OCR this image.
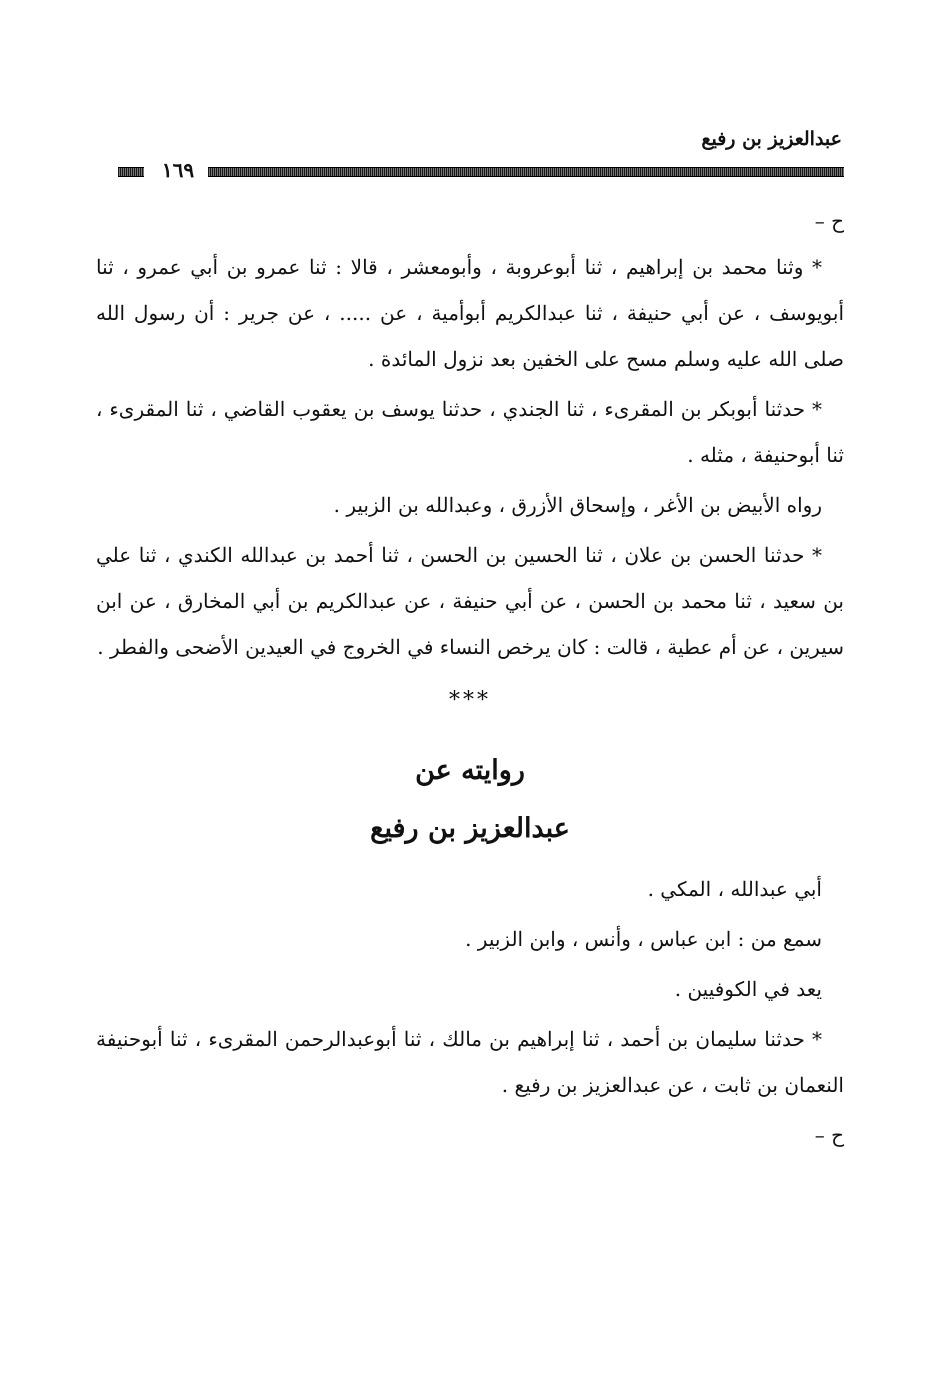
عبدالعزيز بن رفيع
١٦٩
ح –

* وثنا محمد بن إبراهيم ، ثنا أبوعروبة ، وأبومعشر ، قالا : ثنا عمرو بن أبي عمرو ، ثنا أبويوسف ، عن أبي حنيفة ، ثنا عبدالكريم أبوأمية ، عن ..... ، عن جرير : أن رسول الله صلى الله عليه وسلم مسح على الخفين بعد نزول المائدة .

* حدثنا أبوبكر بن المقرىء ، ثنا الجندي ، حدثنا يوسف بن يعقوب القاضي ، ثنا المقرىء ، ثنا أبوحنيفة ، مثله .

رواه الأبيض بن الأغر ، وإسحاق الأزرق ، وعبدالله بن الزبير .

* حدثنا الحسن بن علان ، ثنا الحسين بن الحسن ، ثنا أحمد بن عبدالله الكندي ، ثنا علي بن سعيد ، ثنا محمد بن الحسن ، عن أبي حنيفة ، عن عبدالكريم بن أبي المخارق ، عن ابن سيرين ، عن أم عطية ، قالت : كان يرخص النساء في الخروج في العيدين الأضحى والفطر .

***
روايته عن
عبدالعزيز بن رفيع

أبي عبدالله ، المكي .

سمع من : ابن عباس ، وأنس ، وابن الزبير .

يعد في الكوفيين .

* حدثنا سليمان بن أحمد ، ثنا إبراهيم بن مالك ، ثنا أبوعبدالرحمن المقرىء ، ثنا أبوحنيفة النعمان بن ثابت ، عن عبدالعزيز بن رفيع .

ح –
